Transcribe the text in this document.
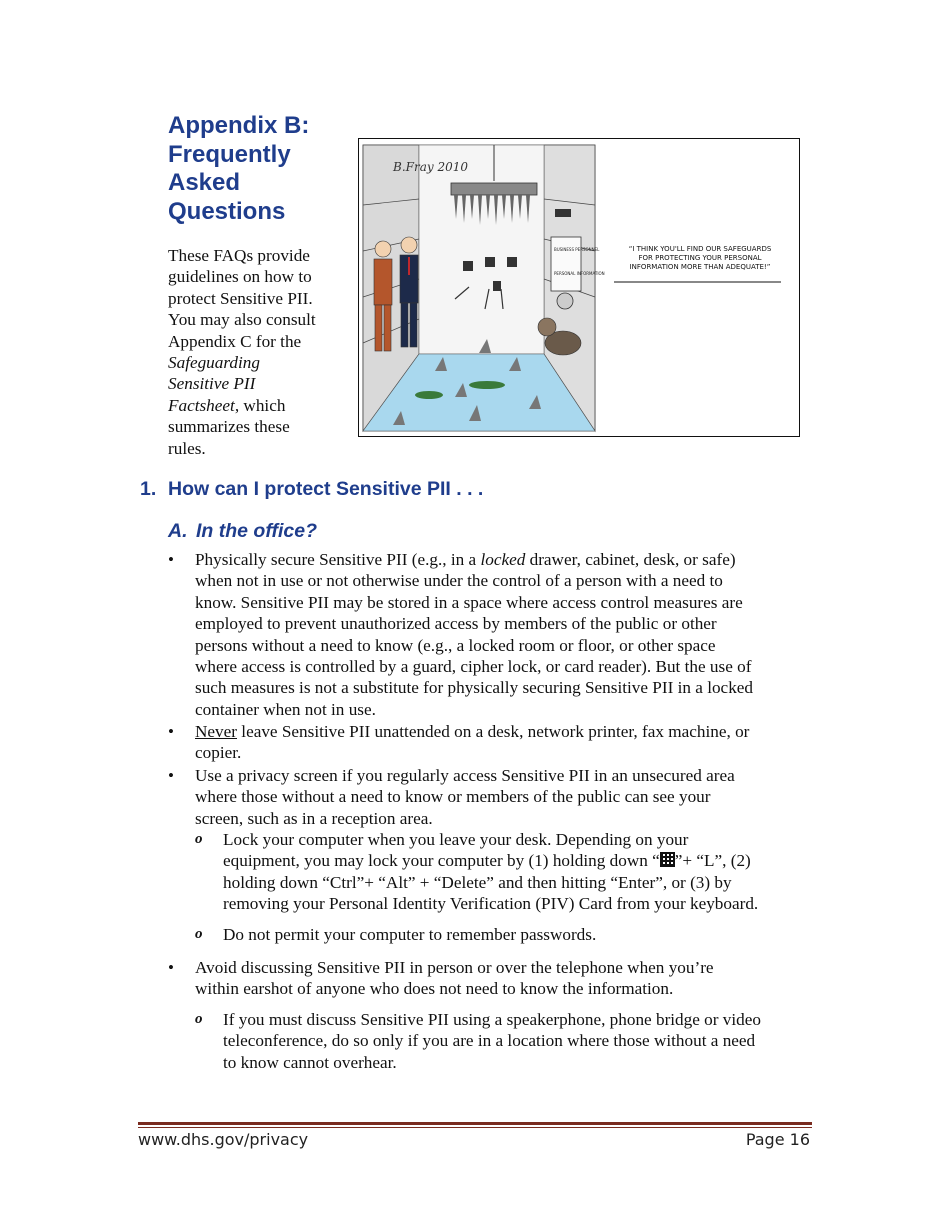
Appendix B:
Frequently
Asked
Questions

These FAQs provide
guidelines on how to
protect Sensitive PII.
You may also consult
Appendix C for the
Safeguarding
Sensitive PII
Factsheet, which
summarizes these
rules.

B.Fray 2010
BUSINESS PERSONNEL
PERSONAL INFORMATION
“I THINK YOU'LL FIND OUR SAFEGUARDS
FOR PROTECTING YOUR PERSONAL
INFORMATION MORE THAN ADEQUATE!”
1. How can I protect Sensitive PII . . .
A. In the office?
• Physically secure Sensitive PII (e.g., in a locked drawer, cabinet, desk, or safe)
when not in use or not otherwise under the control of a person with a need to
know. Sensitive PII may be stored in a space where access control measures are
employed to prevent unauthorized access by members of the public or other
persons without a need to know (e.g., a locked room or floor, or other space
where access is controlled by a guard, cipher lock, or card reader). But the use of
such measures is not a substitute for physically securing Sensitive PII in a locked
container when not in use.
• Never leave Sensitive PII unattended on a desk, network printer, fax machine, or
copier.
• Use a privacy screen if you regularly access Sensitive PII in an unsecured area
where those without a need to know or members of the public can see your
screen, such as in a reception area.
o Lock your computer when you leave your desk. Depending on your
equipment, you may lock your computer by (1) holding down “ ”+ “L”, (2)
holding down “Ctrl”+ “Alt” + “Delete” and then hitting “Enter”, or (3) by
removing your Personal Identity Verification (PIV) Card from your keyboard.
o Do not permit your computer to remember passwords.
• Avoid discussing Sensitive PII in person or over the telephone when you’re
within earshot of anyone who does not need to know the information.
o If you must discuss Sensitive PII using a speakerphone, phone bridge or video
teleconference, do so only if you are in a location where those without a need
to know cannot overhear.
www.dhs.gov/privacy	Page 16
